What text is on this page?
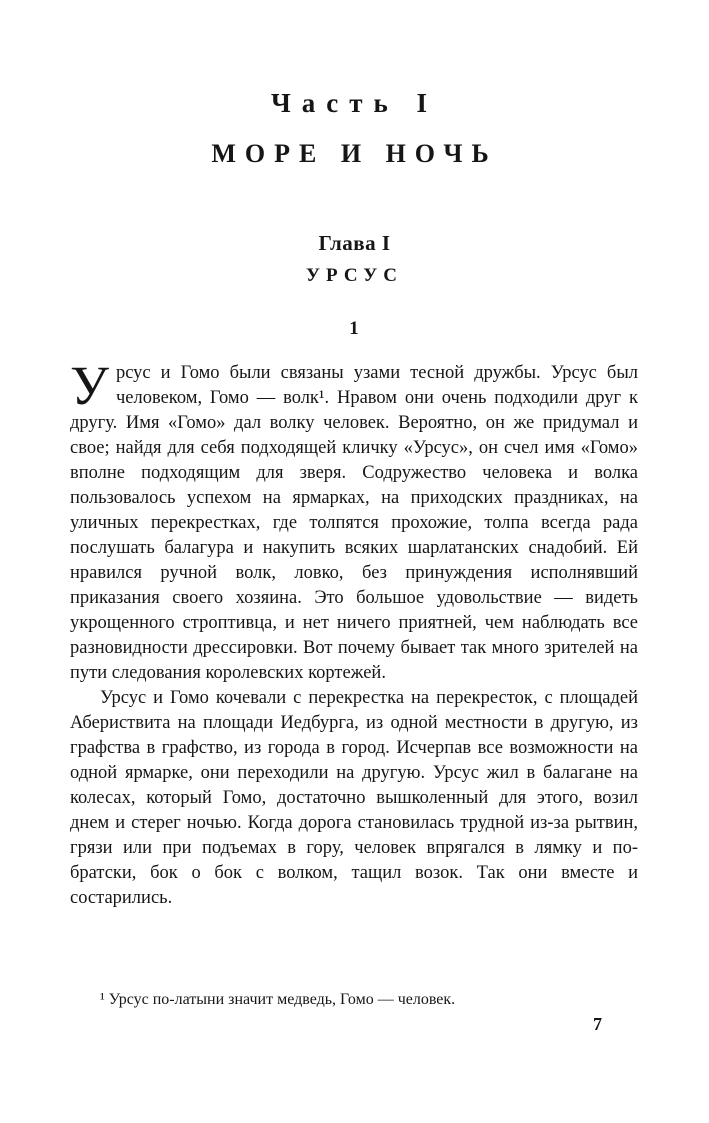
Часть I
МОРЕ И НОЧЬ
Глава I
УРСУС
1

Урсус и Гомо были связаны узами тесной дружбы. Урсус был человеком, Гомо — волк¹. Нравом они очень подходили друг к другу. Имя «Гомо» дал волку человек. Вероятно, он же придумал и свое; найдя для себя подходящей кличку «Урсус», он счел имя «Гомо» вполне подходящим для зверя. Содружество человека и волка пользовалось успехом на ярмарках, на приходских праздниках, на уличных перекрестках, где толпятся прохожие, толпа всегда рада послушать балагура и накупить всяких шарлатанских снадобий. Ей нравился ручной волк, ловко, без принуждения исполнявший приказания своего хозяина. Это большое удовольствие — видеть укрощенного строптивца, и нет ничего приятней, чем наблюдать все разновидности дрессировки. Вот почему бывает так много зрителей на пути следования королевских кортежей.

Урсус и Гомо кочевали с перекрестка на перекресток, с площадей Абериствита на площади Иедбурга, из одной местности в другую, из графства в графство, из города в город. Исчерпав все возможности на одной ярмарке, они переходили на другую. Урсус жил в балагане на колесах, который Гомо, достаточно вышколенный для этого, возил днем и стерег ночью. Когда дорога становилась трудной из-за рытвин, грязи или при подъемах в гору, человек впрягался в лямку и по-братски, бок о бок с волком, тащил возок. Так они вместе и состарились.

¹ Урсус по-латыни значит медведь, Гомо — человек.
7
